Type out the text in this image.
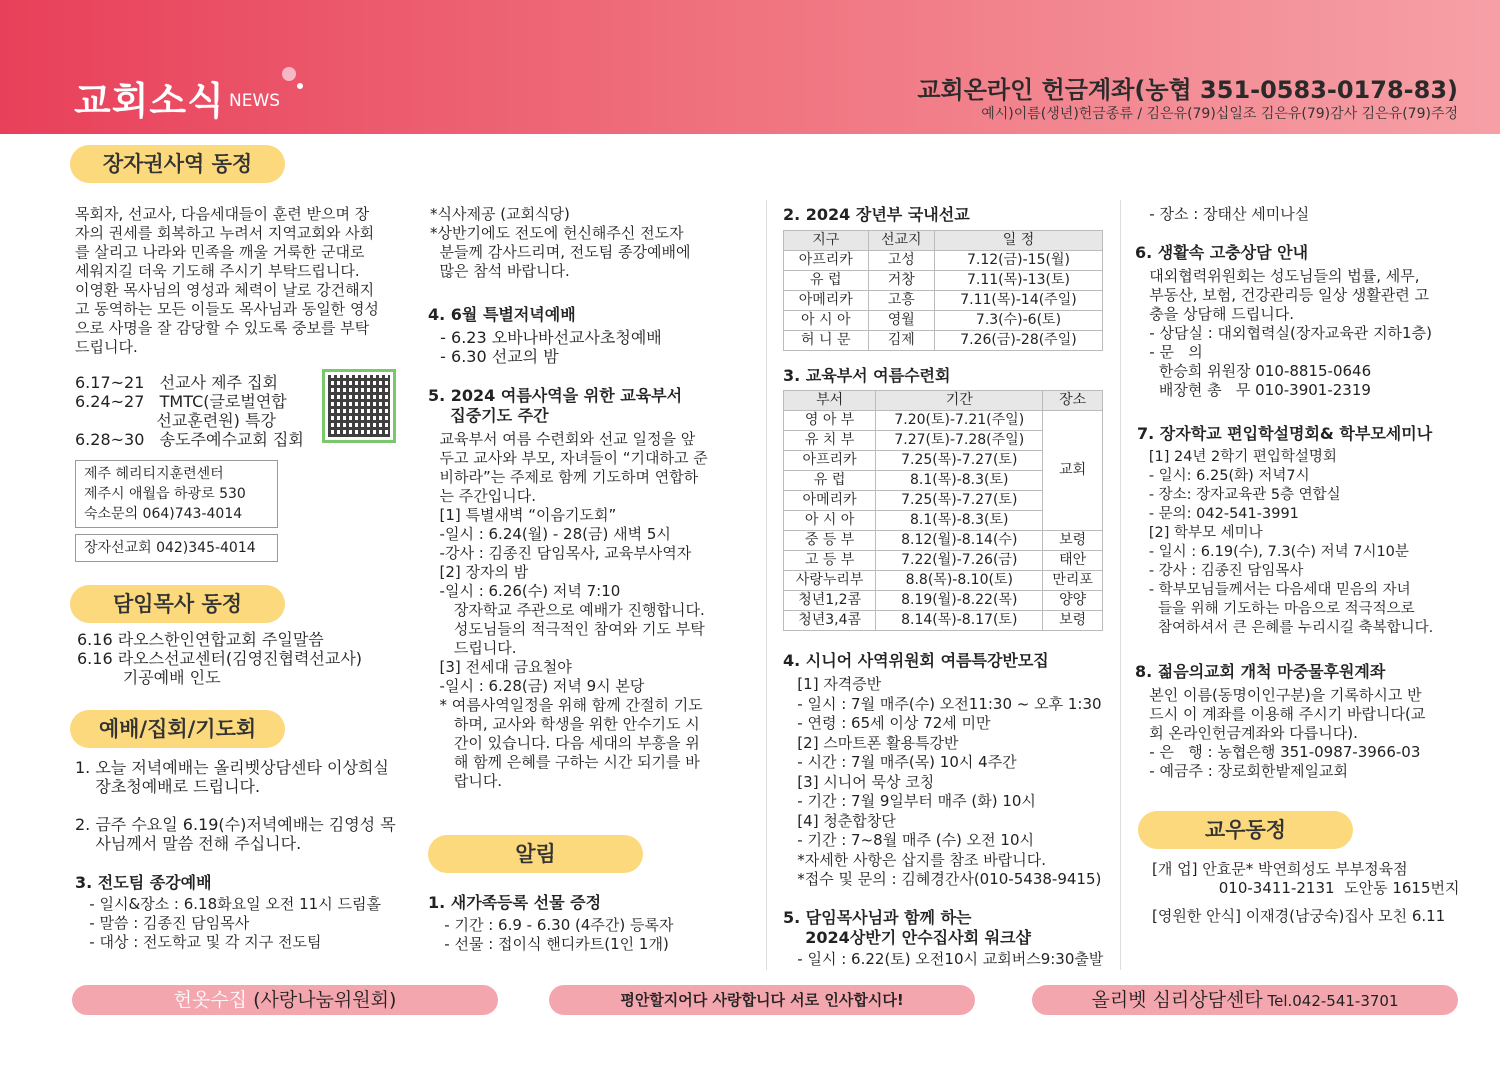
교회소식 NEWS	교회온라인 헌금계좌(농협 351-0583-0178-83)
예시)이름(생년)헌금종류 / 김은유(79)십일조 김은유(79)감사 김은유(79)주정
장자권사역 동정
목회자, 선교사, 다음세대들이 훈련 받으며 장
자의 권세를 회복하고 누려서 지역교회와 사회
를 살리고 나라와 민족을 깨울 거룩한 군대로
세워지길 더욱 기도해 주시기 부탁드립니다.
이영환 목사님의 영성과 체력이 날로 강건해지
고 동역하는 모든 이들도 목사님과 동일한 영성
으로 사명을 잘 감당할 수 있도록 중보를 부탁
드립니다.
6.17~21   선교사 제주 집회
6.24~27   TMTC(글로벌연합
선교훈련원) 특강
6.28~30   송도주예수교회 집회
제주 헤리티지훈련센터
제주시 애월읍 하광로 530
숙소문의 064)743-4014
장자선교회 042)345-4014
담임목사 동정
6.16 라오스한인연합교회 주일말씀
6.16 라오스선교센터(김영진협력선교사)
기공예배 인도
예배/집회/기도회
1. 오늘 저녁예배는 올리벳상담센타 이상희실
장초청예배로 드립니다.
2. 금주 수요일 6.19(수)저녁예배는 김영성 목
사님께서 말씀 전해 주십니다.
3. 전도팀 종강예배
- 일시&장소 : 6.18화요일 오전 11시 드림홀
- 말씀 : 김종진 담임목사
- 대상 : 전도학교 및 각 지구 전도팀
*식사제공 (교회식당)
*상반기에도 전도에 헌신해주신 전도자
분들께 감사드리며, 전도팀 종강예배에
많은 참석 바랍니다.
4. 6월 특별저녁예배
- 6.23 오바나바선교사초청예배
- 6.30 선교의 밤
5. 2024 여름사역을 위한 교육부서
집중기도 주간
교육부서 여름 수련회와 선교 일정을 앞
두고 교사와 부모, 자녀들이 “기대하고 준
비하라”는 주제로 함께 기도하며 연합하
는 주간입니다.
[1] 특별새벽 “이음기도회”
-일시 : 6.24(월) - 28(금) 새벽 5시
-강사 : 김종진 담임목사, 교육부사역자
[2] 장자의 밤
-일시 : 6.26(수) 저녁 7:10
장자학교 주관으로 예배가 진행합니다.
성도님들의 적극적인 참여와 기도 부탁
드립니다.
[3] 전세대 금요철야
-일시 : 6.28(금) 저녁 9시 본당
* 여름사역일정을 위해 함께 간절히 기도
하며, 교사와 학생을 위한 안수기도 시
간이 있습니다. 다음 세대의 부흥을 위
해 함께 은혜를 구하는 시간 되기를 바
랍니다.
알림
1. 새가족등록 선물 증정
- 기간 : 6.9 - 6.30 (4주간) 등록자
- 선물 : 접이식 핸디카트(1인 1개)
2. 2024 장년부 국내선교
지구	선교지	일 정
아프리카	고성	7.12(금)-15(월)
유 럽	거창	7.11(목)-13(토)
아메리카	고흥	7.11(목)-14(주일)
아 시 아	영월	7.3(수)-6(토)
허 니 문	김제	7.26(금)-28(주일)
3. 교육부서 여름수련회
부서	기간	장소
영 아 부	7.20(토)-7.21(주일)	교회
유 치 부	7.27(토)-7.28(주일)	
아프리카	7.25(목)-7.27(토)	
유 럽	8.1(목)-8.3(토)	
아메리카	7.25(목)-7.27(토)	
아 시 아	8.1(목)-8.3(토)	
중 등 부	8.12(월)-8.14(수)	보령
고 등 부	7.22(월)-7.26(금)	태안
사랑누리부	8.8(목)-8.10(토)	만리포
청년1,2콤	8.19(월)-8.22(목)	양양
청년3,4콤	8.14(목)-8.17(토)	보령
4. 시니어 사역위원회 여름특강반모집
[1] 자격증반
- 일시 : 7월 매주(수) 오전11:30 ~ 오후 1:30
- 연령 : 65세 이상 72세 미만
[2] 스마트폰 활용특강반
- 시간 : 7월 매주(목) 10시 4주간
[3] 시니어 묵상 코칭
- 기간 : 7월 9일부터 매주 (화) 10시
[4] 청춘합창단
- 기간 : 7~8월 매주 (수) 오전 10시
*자세한 사항은 삽지를 참조 바랍니다.
*접수 및 문의 : 김혜경간사(010-5438-9415)
5. 담임목사님과 함께 하는
2024상반기 안수집사회 워크샵
- 일시 : 6.22(토) 오전10시 교회버스9:30출발
- 장소 : 장태산 세미나실
6. 생활속 고충상담 안내
대외협력위원회는 성도님들의 법률, 세무,
부동산, 보험, 건강관리등 일상 생활관련 고
충을 상담해 드립니다.
- 상담실 : 대외협력실(장자교육관 지하1층)
- 문   의
한승희 위원장 010-8815-0646
배장현 총   무 010-3901-2319
7. 장자학교 편입학설명회& 학부모세미나
[1] 24년 2학기 편입학설명회
- 일시: 6.25(화) 저녁7시
- 장소: 장자교육관 5층 연합실
- 문의: 042-541-3991
[2] 학부모 세미나
- 일시 : 6.19(수), 7.3(수) 저녁 7시10분
- 강사 : 김종진 담임목사
- 학부모님들께서는 다음세대 믿음의 자녀
들을 위해 기도하는 마음으로 적극적으로
참여하셔서 큰 은혜를 누리시길 축복합니다.
8. 젊음의교회 개척 마중물후원계좌
본인 이름(동명이인구분)을 기록하시고 반
드시 이 계좌를 이용해 주시기 바랍니다(교
회 온라인헌금계좌와 다릅니다).
- 은   행 : 농협은행 351-0987-3966-03
- 예금주 : 장로회한밭제일교회
교우동정
[개 업] 안효문* 박연희성도 부부정육점
010-3411-2131  도안동 1615번지
[영원한 안식] 이재경(남궁숙)집사 모친 6.11
헌옷수집 (사랑나눔위원회)	평안할지어다 사랑합니다 서로 인사합시다!	올리벳 심리상담센타 Tel.042-541-3701
